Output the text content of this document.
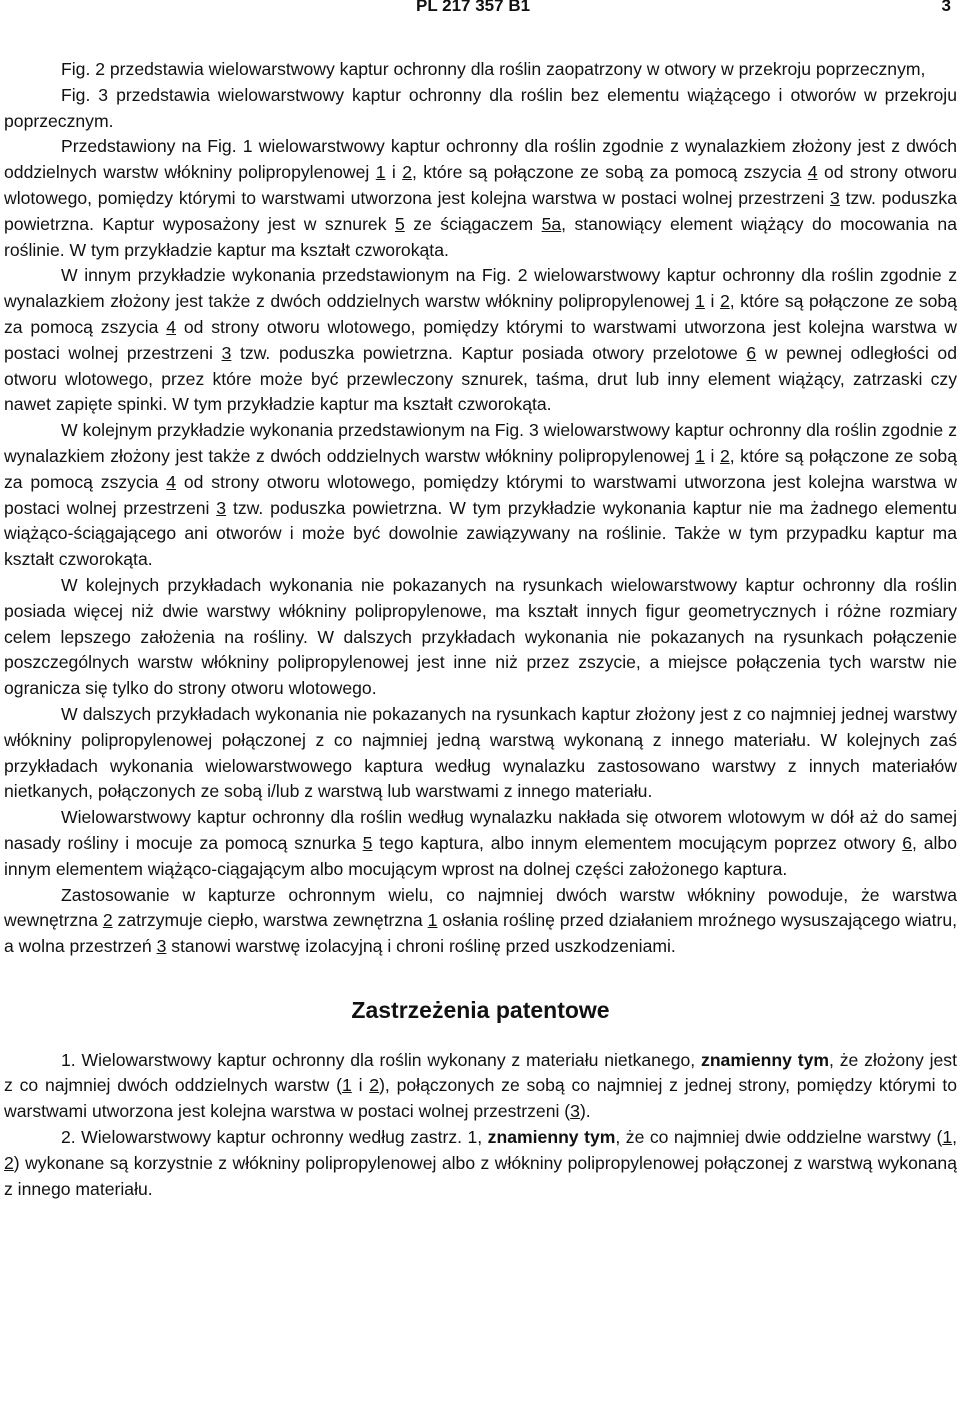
PL 217 357 B1	3

Fig. 2 przedstawia wielowarstwowy kaptur ochronny dla roślin zaopatrzony w otwory w przekroju poprzecznym,

Fig. 3 przedstawia wielowarstwowy kaptur ochronny dla roślin bez elementu wiążącego i otworów w przekroju poprzecznym.

Przedstawiony na Fig. 1 wielowarstwowy kaptur ochronny dla roślin zgodnie z wynalazkiem złożony jest z dwóch oddzielnych warstw włókniny polipropylenowej 1 i 2, które są połączone ze sobą za pomocą zszycia 4 od strony otworu wlotowego, pomiędzy którymi to warstwami utworzona jest kolejna warstwa w postaci wolnej przestrzeni 3 tzw. poduszka powietrzna. Kaptur wyposażony jest w sznurek 5 ze ściągaczem 5a, stanowiący element wiążący do mocowania na roślinie. W tym przykładzie kaptur ma kształt czworokąta.

W innym przykładzie wykonania przedstawionym na Fig. 2 wielowarstwowy kaptur ochronny dla roślin zgodnie z wynalazkiem złożony jest także z dwóch oddzielnych warstw włókniny polipropylenowej 1 i 2, które są połączone ze sobą za pomocą zszycia 4 od strony otworu wlotowego, pomiędzy którymi to warstwami utworzona jest kolejna warstwa w postaci wolnej przestrzeni 3 tzw. poduszka powietrzna. Kaptur posiada otwory przelotowe 6 w pewnej odległości od otworu wlotowego, przez które może być przewleczony sznurek, taśma, drut lub inny element wiążący, zatrzaski czy nawet zapięte spinki. W tym przykładzie kaptur ma kształt czworokąta.

W kolejnym przykładzie wykonania przedstawionym na Fig. 3 wielowarstwowy kaptur ochronny dla roślin zgodnie z wynalazkiem złożony jest także z dwóch oddzielnych warstw włókniny polipropylenowej 1 i 2, które są połączone ze sobą za pomocą zszycia 4 od strony otworu wlotowego, pomiędzy którymi to warstwami utworzona jest kolejna warstwa w postaci wolnej przestrzeni 3 tzw. poduszka powietrzna. W tym przykładzie wykonania kaptur nie ma żadnego elementu wiążąco-ściągającego ani otworów i może być dowolnie zawiązywany na roślinie. Także w tym przypadku kaptur ma kształt czworokąta.

W kolejnych przykładach wykonania nie pokazanych na rysunkach wielowarstwowy kaptur ochronny dla roślin posiada więcej niż dwie warstwy włókniny polipropylenowe, ma kształt innych figur geometrycznych i różne rozmiary celem lepszego założenia na rośliny. W dalszych przykładach wykonania nie pokazanych na rysunkach połączenie poszczególnych warstw włókniny polipropylenowej jest inne niż przez zszycie, a miejsce połączenia tych warstw nie ogranicza się tylko do strony otworu wlotowego.

W dalszych przykładach wykonania nie pokazanych na rysunkach kaptur złożony jest z co najmniej jednej warstwy włókniny polipropylenowej połączonej z co najmniej jedną warstwą wykonaną z innego materiału. W kolejnych zaś przykładach wykonania wielowarstwowego kaptura według wynalazku zastosowano warstwy z innych materiałów nietkanych, połączonych ze sobą i/lub z warstwą lub warstwami z innego materiału.

Wielowarstwowy kaptur ochronny dla roślin według wynalazku nakłada się otworem wlotowym w dół aż do samej nasady rośliny i mocuje za pomocą sznurka 5 tego kaptura, albo innym elementem mocującym poprzez otwory 6, albo innym elementem wiążąco-ciągającym albo mocującym wprost na dolnej części założonego kaptura.

Zastosowanie w kapturze ochronnym wielu, co najmniej dwóch warstw włókniny powoduje, że warstwa wewnętrzna 2 zatrzymuje ciepło, warstwa zewnętrzna 1 osłania roślinę przed działaniem mroźnego wysuszającego wiatru, a wolna przestrzeń 3 stanowi warstwę izolacyjną i chroni roślinę przed uszkodzeniami.

Zastrzeżenia patentowe

1. Wielowarstwowy kaptur ochronny dla roślin wykonany z materiału nietkanego, znamienny tym, że złożony jest z co najmniej dwóch oddzielnych warstw (1 i 2), połączonych ze sobą co najmniej z jednej strony, pomiędzy którymi to warstwami utworzona jest kolejna warstwa w postaci wolnej przestrzeni (3).

2. Wielowarstwowy kaptur ochronny według zastrz. 1, znamienny tym, że co najmniej dwie oddzielne warstwy (1, 2) wykonane są korzystnie z włókniny polipropylenowej albo z włókniny polipropylenowej połączonej z warstwą wykonaną z innego materiału.
